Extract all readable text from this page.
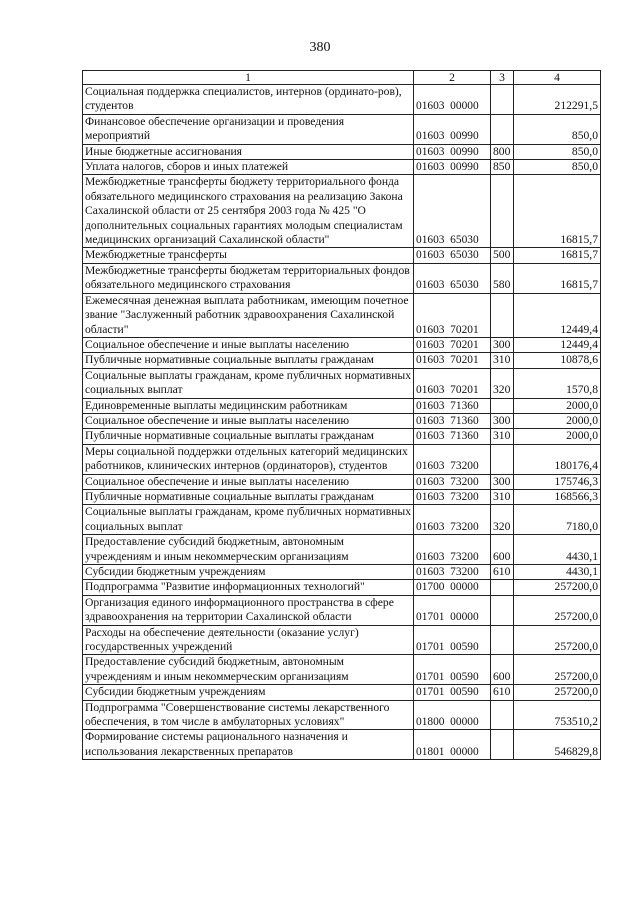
380
1	2	3	4
Социальная поддержка специалистов, интернов (ординато-ров), студентов	01603  00000		212291,5
Финансовое обеспечение организации и проведения мероприятий	01603  00990		850,0
Иные бюджетные ассигнования	01603  00990	800	850,0
Уплата налогов, сборов и иных платежей	01603  00990	850	850,0
Межбюджетные трансферты бюджету территориального фонда обязательного медицинского страхования на реализацию Закона Сахалинской области от 25 сентября 2003 года № 425 "О дополнительных социальных гарантиях молодым специалистам медицинских организаций Сахалинской области"	01603  65030		16815,7
Межбюджетные трансферты	01603  65030	500	16815,7
Межбюджетные трансферты бюджетам территориальных фондов обязательного медицинского страхования	01603  65030	580	16815,7
Ежемесячная денежная выплата работникам, имеющим почетное звание "Заслуженный работник здравоохранения Сахалинской области"	01603  70201		12449,4
Социальное обеспечение и иные выплаты населению	01603  70201	300	12449,4
Публичные нормативные социальные выплаты гражданам	01603  70201	310	10878,6
Социальные выплаты гражданам, кроме публичных нормативных социальных выплат	01603  70201	320	1570,8
Единовременные выплаты медицинским работникам	01603  71360		2000,0
Социальное обеспечение и иные выплаты населению	01603  71360	300	2000,0
Публичные нормативные социальные выплаты гражданам	01603  71360	310	2000,0
Меры социальной поддержки отдельных категорий медицинских работников, клинических интернов (ординаторов), студентов	01603  73200		180176,4
Социальное обеспечение и иные выплаты населению	01603  73200	300	175746,3
Публичные нормативные социальные выплаты гражданам	01603  73200	310	168566,3
Социальные выплаты гражданам, кроме публичных нормативных социальных выплат	01603  73200	320	7180,0
Предоставление субсидий бюджетным, автономным учреждениям и иным некоммерческим организациям	01603  73200	600	4430,1
Субсидии бюджетным учреждениям	01603  73200	610	4430,1
Подпрограмма "Развитие информационных технологий"	01700  00000		257200,0
Организация единого информационного пространства в сфере здравоохранения на территории Сахалинской области	01701  00000		257200,0
Расходы на обеспечение деятельности (оказание услуг) государственных учреждений	01701  00590		257200,0
Предоставление субсидий бюджетным, автономным учреждениям и иным некоммерческим организациям	01701  00590	600	257200,0
Субсидии бюджетным учреждениям	01701  00590	610	257200,0
Подпрограмма "Совершенствование системы лекарственного обеспечения, в том числе в амбулаторных условиях"	01800  00000		753510,2
Формирование системы рационального назначения и использования лекарственных препаратов	01801  00000		546829,8
